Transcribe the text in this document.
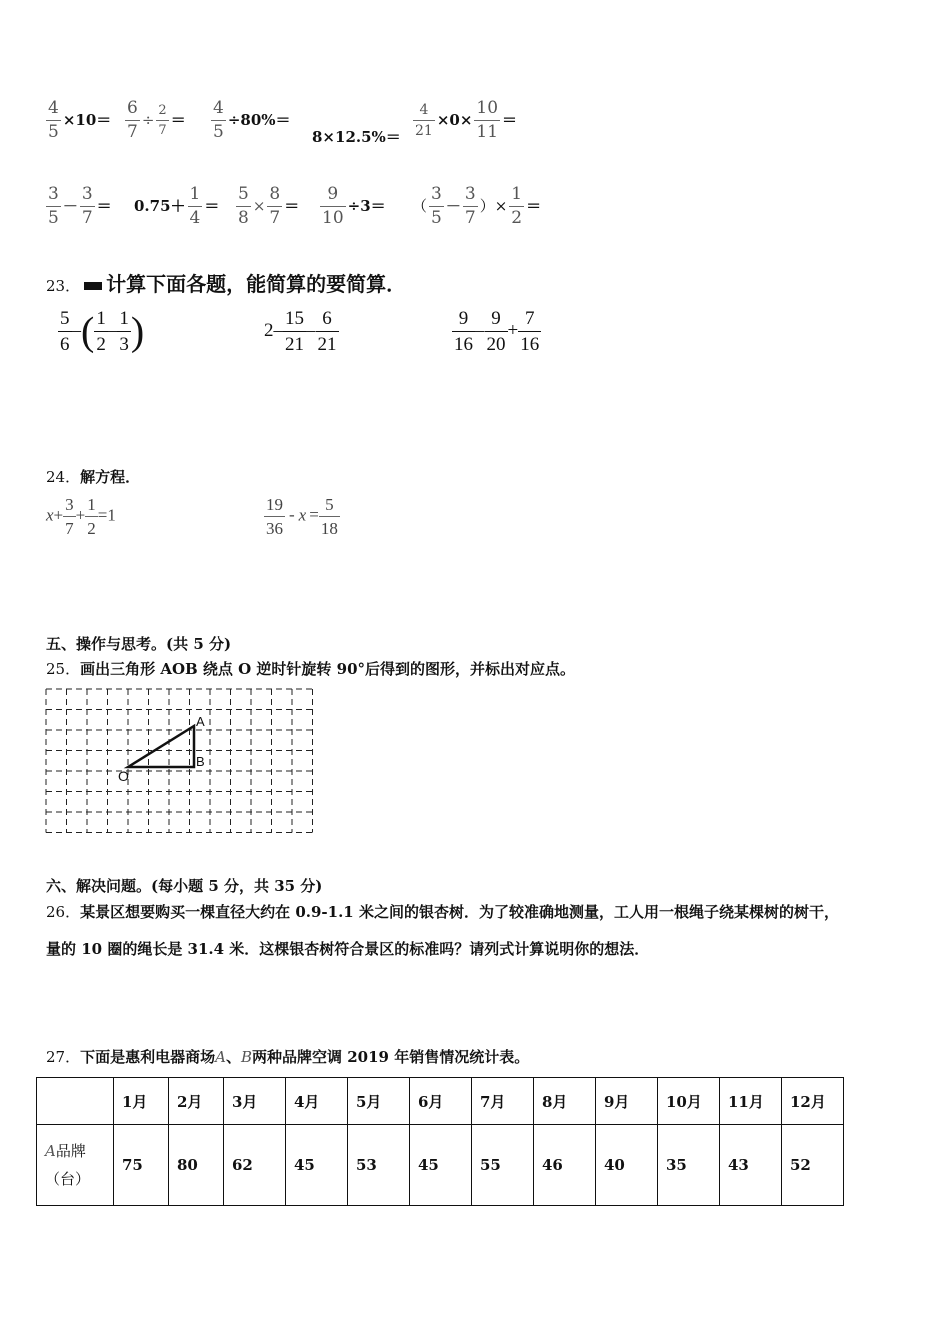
$\frac{4}{5} \times 10= \frac{6}{7} \div \frac{2}{7} = \frac{4}{5} \div 80\%=$
$8\times 12.5\%= \frac{4}{21} \times 0\times \frac{10}{11}$ ＝
$\frac{3}{5} - \frac{3}{7} = 0.75+ \frac{1}{4} = \frac{5}{8} \times \frac{8}{7} = \frac{9}{10} \div 3=$ （ $\frac{3}{5} - \frac{3}{7}$ ）× $\frac{1}{2}$ ＝
23． 计算下面各题，能简算的要简算．
$\frac{5}{6}$ –( $\frac{1}{2} - \frac{1}{3}$ )	$2- \frac{15}{21} - \frac{6}{21}$	$\frac{9}{16} - \frac{9}{20} + \frac{7}{16}$
24．解方程．
$x+ \frac{3}{7} + \frac{1}{2} =1$	$\frac{19}{36} - x = \frac{5}{18}$
五、操作与思考。(共 5 分)
25．画出三角形 AOB 绕点 O 逆时针旋转 90°后得到的图形，并标出对应点。
A
B
O
六、解决问题。(每小题 5 分，共 35 分)
26．某景区想要购买一棵直径大约在 0.9-1.1 米之间的银杏树．为了较准确地测量，工人用一根绳子绕某棵树的树干，
量的 10 圈的绳长是 31.4 米．这棵银杏树符合景区的标准吗？请列式计算说明你的想法．
27．下面是惠利电器商场A、B两种品牌空调 2019 年销售情况统计表。
	1月	2月	3月	4月	5月	6月	7月	8月	9月	10月	11月	12月
A品牌
（台）	75	80	62	45	53	45	55	46	40	35	43	52
